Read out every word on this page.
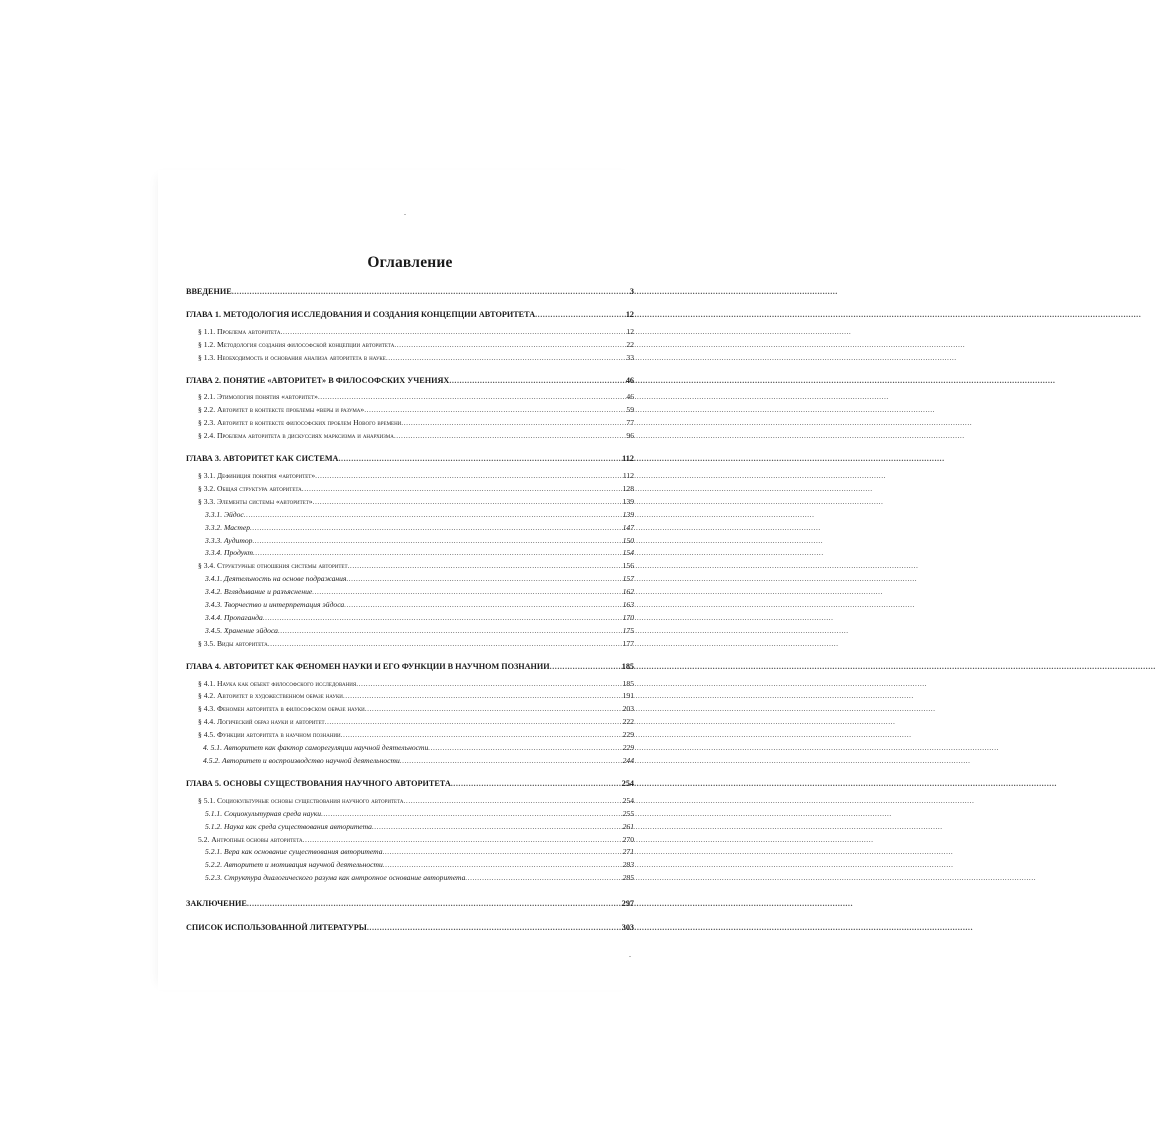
Оглавление
ВВЕДЕНИЕ .....	3
ГЛАВА 1. МЕТОДОЛОГИЯ ИССЛЕДОВАНИЯ И СОЗДАНИЯ КОНЦЕПЦИИ АВТОРИТЕТА .....	12
§ 1.1. Проблема авторитета .....	12
§ 1.2. Методология создания философской концепции авторитета .....	22
§ 1.3. Необходимость и основания анализа авторитета в науке .....	33
ГЛАВА 2. ПОНЯТИЕ «АВТОРИТЕТ» В ФИЛОСОФСКИХ УЧЕНИЯХ .....	46
§ 2.1. Этимология понятия «авторитет» .....	46
§ 2.2. Авторитет в контексте проблемы «веры и разума» .....	59
§ 2.3. Авторитет в контексте философских проблем Нового времени .....	77
§ 2.4. Проблема авторитета в дискуссиях марксизма и анархизма .....	96
ГЛАВА 3. АВТОРИТЕТ КАК СИСТЕМА .....	112
§ 3.1. Дефиниция понятия «авторитет» .....	112
§ 3.2. Общая структура авторитета .....	128
§ 3.3. Элементы системы «авторитет» .....	139
3.3.1. Эйдос .....	139
3.3.2. Мастер .....	147
3.3.3. Аудитор .....	150
3.3.4. Продукт .....	154
§ 3.4. Структурные отношения системы авторитет .....	156
3.4.1. Деятельность на основе подражания .....	157
3.4.2. Вглядывание и разъяснение .....	162
3.4.3. Творчество и интерпретация эйдоса .....	163
3.4.4. Пропаганда .....	170
3.4.5. Хранение эйдоса .....	175
§ 3.5. Виды авторитета .....	177
ГЛАВА 4. АВТОРИТЕТ КАК ФЕНОМЕН НАУКИ И ЕГО ФУНКЦИИ В НАУЧНОМ ПОЗНАНИИ .....	185
§ 4.1. Наука как объект философского исследования .....	185
§ 4.2. Авторитет в художественном образе науки .....	191
§ 4.3. Феномен авторитета в философском образе науки .....	203
§ 4.4. Логический образ науки и авторитет .....	222
§ 4.5. Функции авторитета в научном познании .....	229
4. 5.1. Авторитет как фактор саморегуляции научной деятельности .....	229
4.5.2. Авторитет и воспроизводство научной деятельности .....	244
ГЛАВА 5. ОСНОВЫ СУЩЕСТВОВАНИЯ НАУЧНОГО АВТОРИТЕТА .....	254
§ 5.1. Социокультурные основы существования научного авторитета .....	254
5.1.1. Социокультурная среда науки .....	255
5.1.2. Наука как среда существования авторитета .....	261
5.2. Антропные основы авторитета .....	270
5.2.1. Вера как основание существования авторитета .....	271
5.2.2. Авторитет и мотивация научной деятельности .....	283
5.2.3. Структура диалогического разума как антропное основание авторитета .....	285
ЗАКЛЮЧЕНИЕ .....	297
СПИСОК ИСПОЛЬЗОВАННОЙ ЛИТЕРАТУРЫ .....	303
